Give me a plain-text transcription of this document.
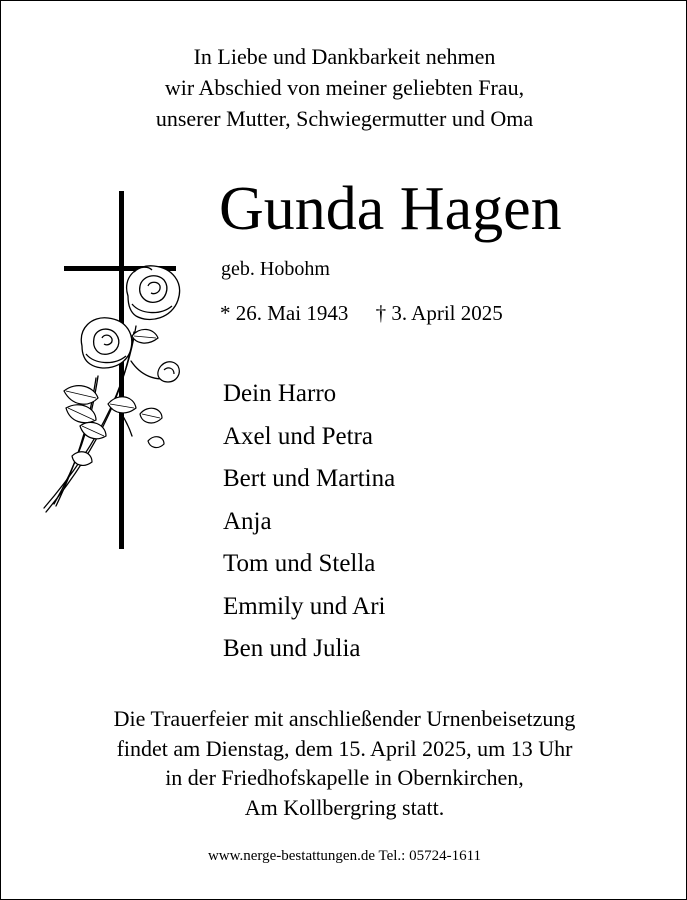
In Liebe und Dankbarkeit nehmen
wir Abschied von meiner geliebten Frau,
unserer Mutter, Schwiegermutter und Oma
Gunda Hagen
geb. Hobohm
* 26. Mai 1943 † 3. April 2025
Dein Harro
Axel und Petra
Bert und Martina
Anja
Tom und Stella
Emmily und Ari
Ben und Julia
Die Trauerfeier mit anschließender Urnenbeisetzung
findet am Dienstag, dem 15. April 2025, um 13 Uhr
in der Friedhofskapelle in Obernkirchen,
Am Kollbergring statt.
www.nerge-bestattungen.de Tel.: 05724-1611
